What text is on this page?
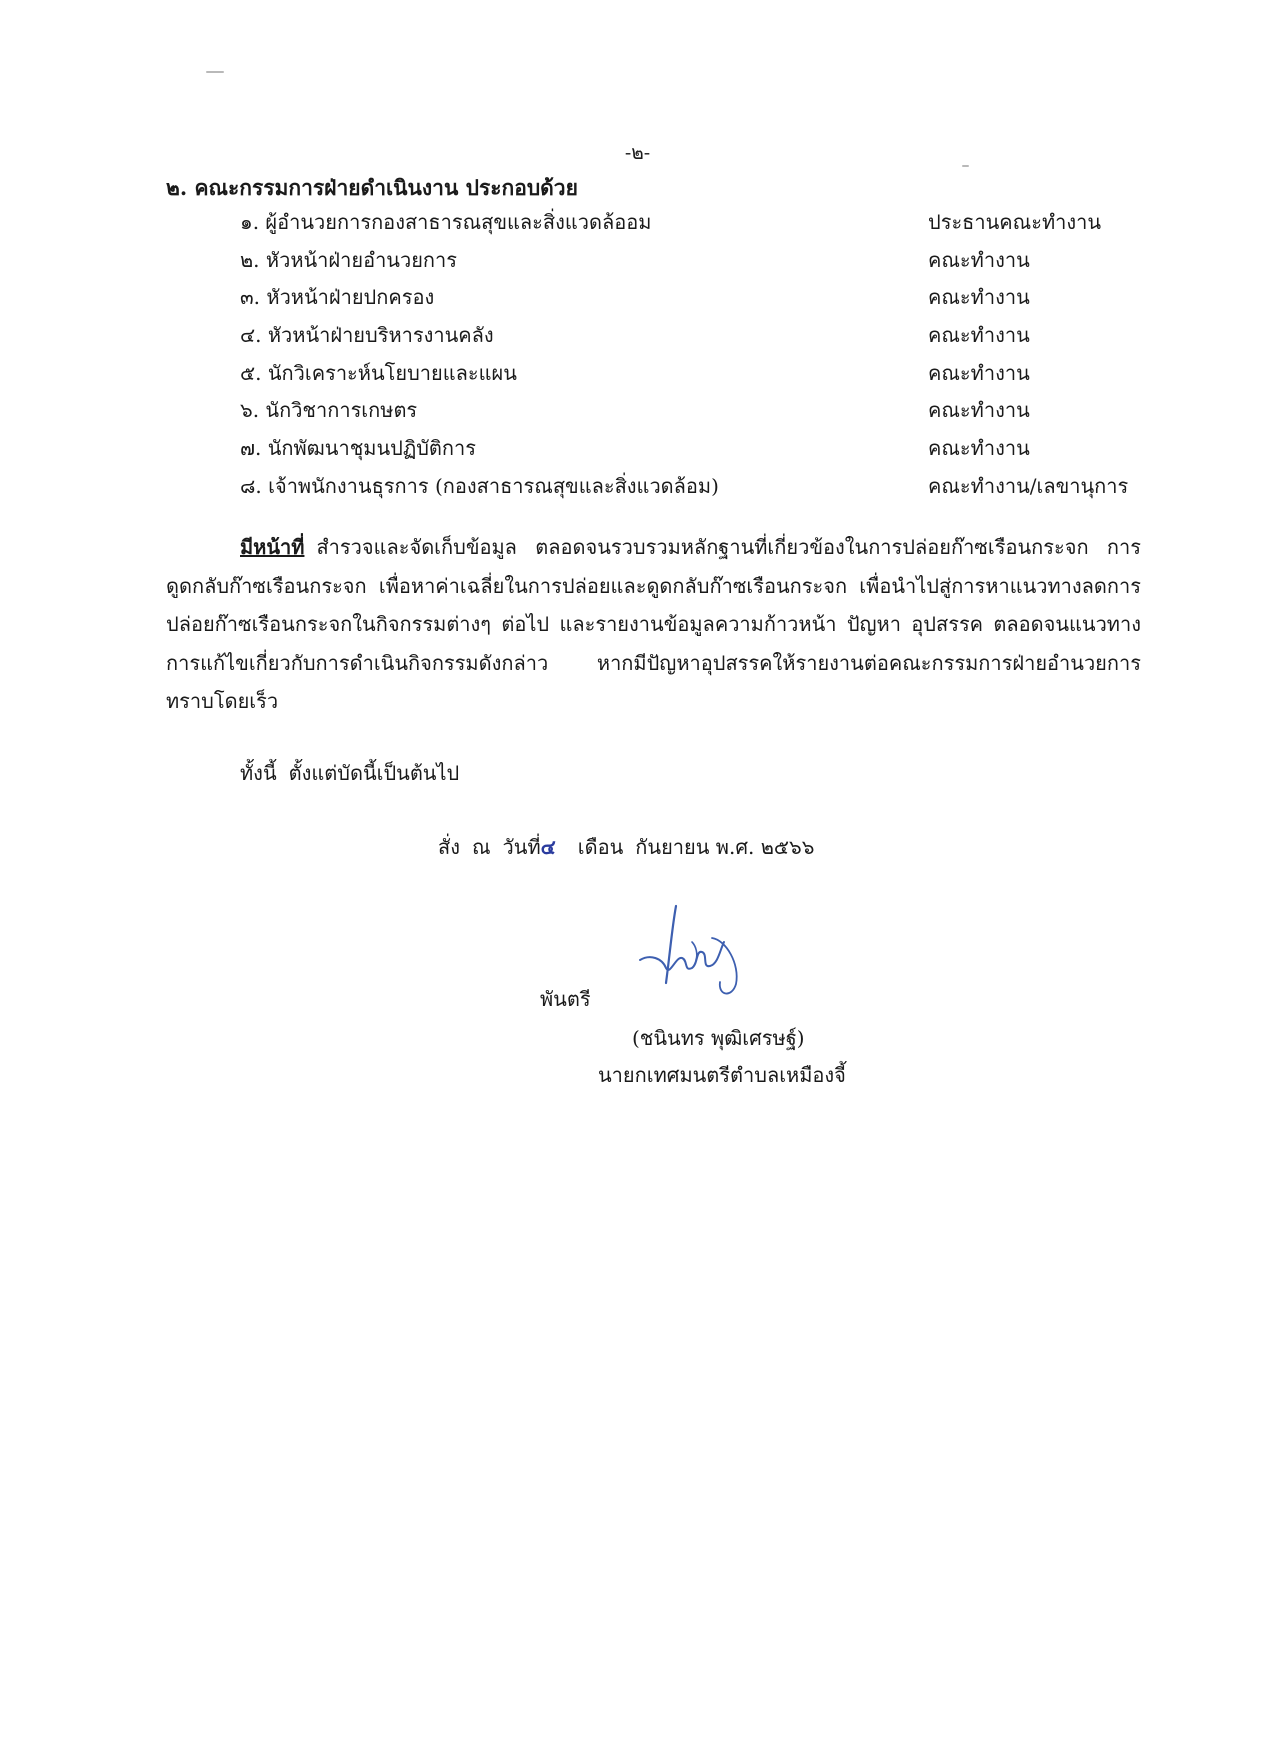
-๒-
๒. คณะกรรมการฝ่ายดำเนินงาน ประกอบด้วย
๑. ผู้อำนวยการกองสาธารณสุขและสิ่งแวดล้ออม	ประธานคณะทำงาน
๒. หัวหน้าฝ่ายอำนวยการ	คณะทำงาน
๓. หัวหน้าฝ่ายปกครอง	คณะทำงาน
๔. หัวหน้าฝ่ายบริหารงานคลัง	คณะทำงาน
๕. นักวิเคราะห์นโยบายและแผน	คณะทำงาน
๖. นักวิชาการเกษตร	คณะทำงาน
๗. นักพัฒนาชุมนปฏิบัติการ	คณะทำงาน
๘. เจ้าพนักงานธุรการ (กองสาธารณสุขและสิ่งแวดล้อม)	คณะทำงาน/เลขานุการ
มีหน้าที่ สำรวจและจัดเก็บข้อมูล ตลอดจนรวบรวมหลักฐานที่เกี่ยวข้องในการปล่อยก๊าซเรือนกระจก การดูดกลับก๊าซเรือนกระจก เพื่อหาค่าเฉลี่ยในการปล่อยและดูดกลับก๊าซเรือนกระจก เพื่อนำไปสู่การหาแนวทางลดการปล่อยก๊าซเรือนกระจกในกิจกรรมต่างๆ ต่อไป และรายงานข้อมูลความก้าวหน้า ปัญหา อุปสรรค ตลอดจนแนวทางการแก้ไขเกี่ยวกับการดำเนินกิจกรรมดังกล่าว หากมีปัญหาอุปสรรคให้รายงานต่อคณะกรรมการฝ่ายอำนวยการทราบโดยเร็ว
ทั้งนี้ ตั้งแต่บัดนี้เป็นต้นไป
สั่ง ณ วันที่๔ เดือน กันยายน พ.ศ. ๒๕๖๖
พันตรี
(ชนินทร พุฒิเศรษฐ์)
นายกเทศมนตรีตำบลเหมืองจี้
